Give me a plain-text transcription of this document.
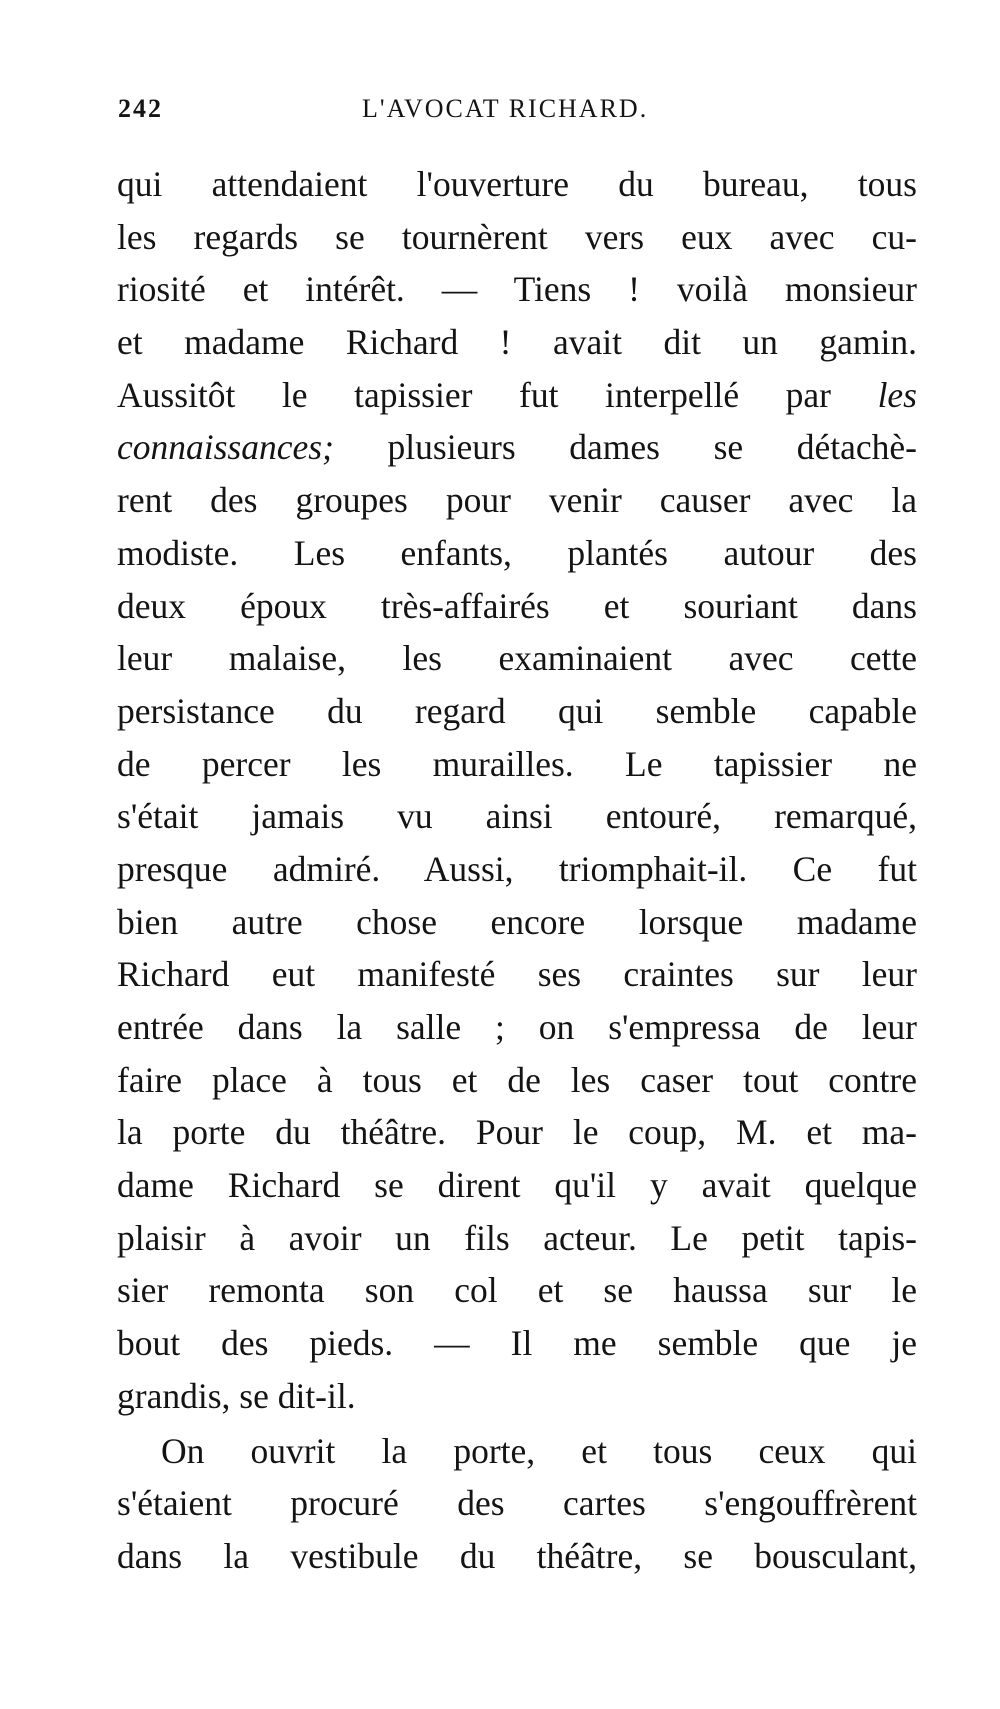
242	L'AVOCAT RICHARD.
qui attendaient l'ouverture du bureau, tous
les regards se tournèrent vers eux avec cu-
riosité et intérêt. — Tiens ! voilà monsieur
et madame Richard ! avait dit un gamin.
Aussitôt le tapissier fut interpellé par les
connaissances; plusieurs dames se détachè-
rent des groupes pour venir causer avec la
modiste. Les enfants, plantés autour des
deux époux très-affairés et souriant dans
leur malaise, les examinaient avec cette
persistance du regard qui semble capable
de percer les murailles. Le tapissier ne
s'était jamais vu ainsi entouré, remarqué,
presque admiré. Aussi, triomphait-il. Ce fut
bien autre chose encore lorsque madame
Richard eut manifesté ses craintes sur leur
entrée dans la salle ; on s'empressa de leur
faire place à tous et de les caser tout contre
la porte du théâtre. Pour le coup, M. et ma-
dame Richard se dirent qu'il y avait quelque
plaisir à avoir un fils acteur. Le petit tapis-
sier remonta son col et se haussa sur le
bout des pieds. — Il me semble que je
grandis, se dit-il.
On ouvrit la porte, et tous ceux qui
s'étaient procuré des cartes s'engouffrèrent
dans la vestibule du théâtre, se bousculant,
